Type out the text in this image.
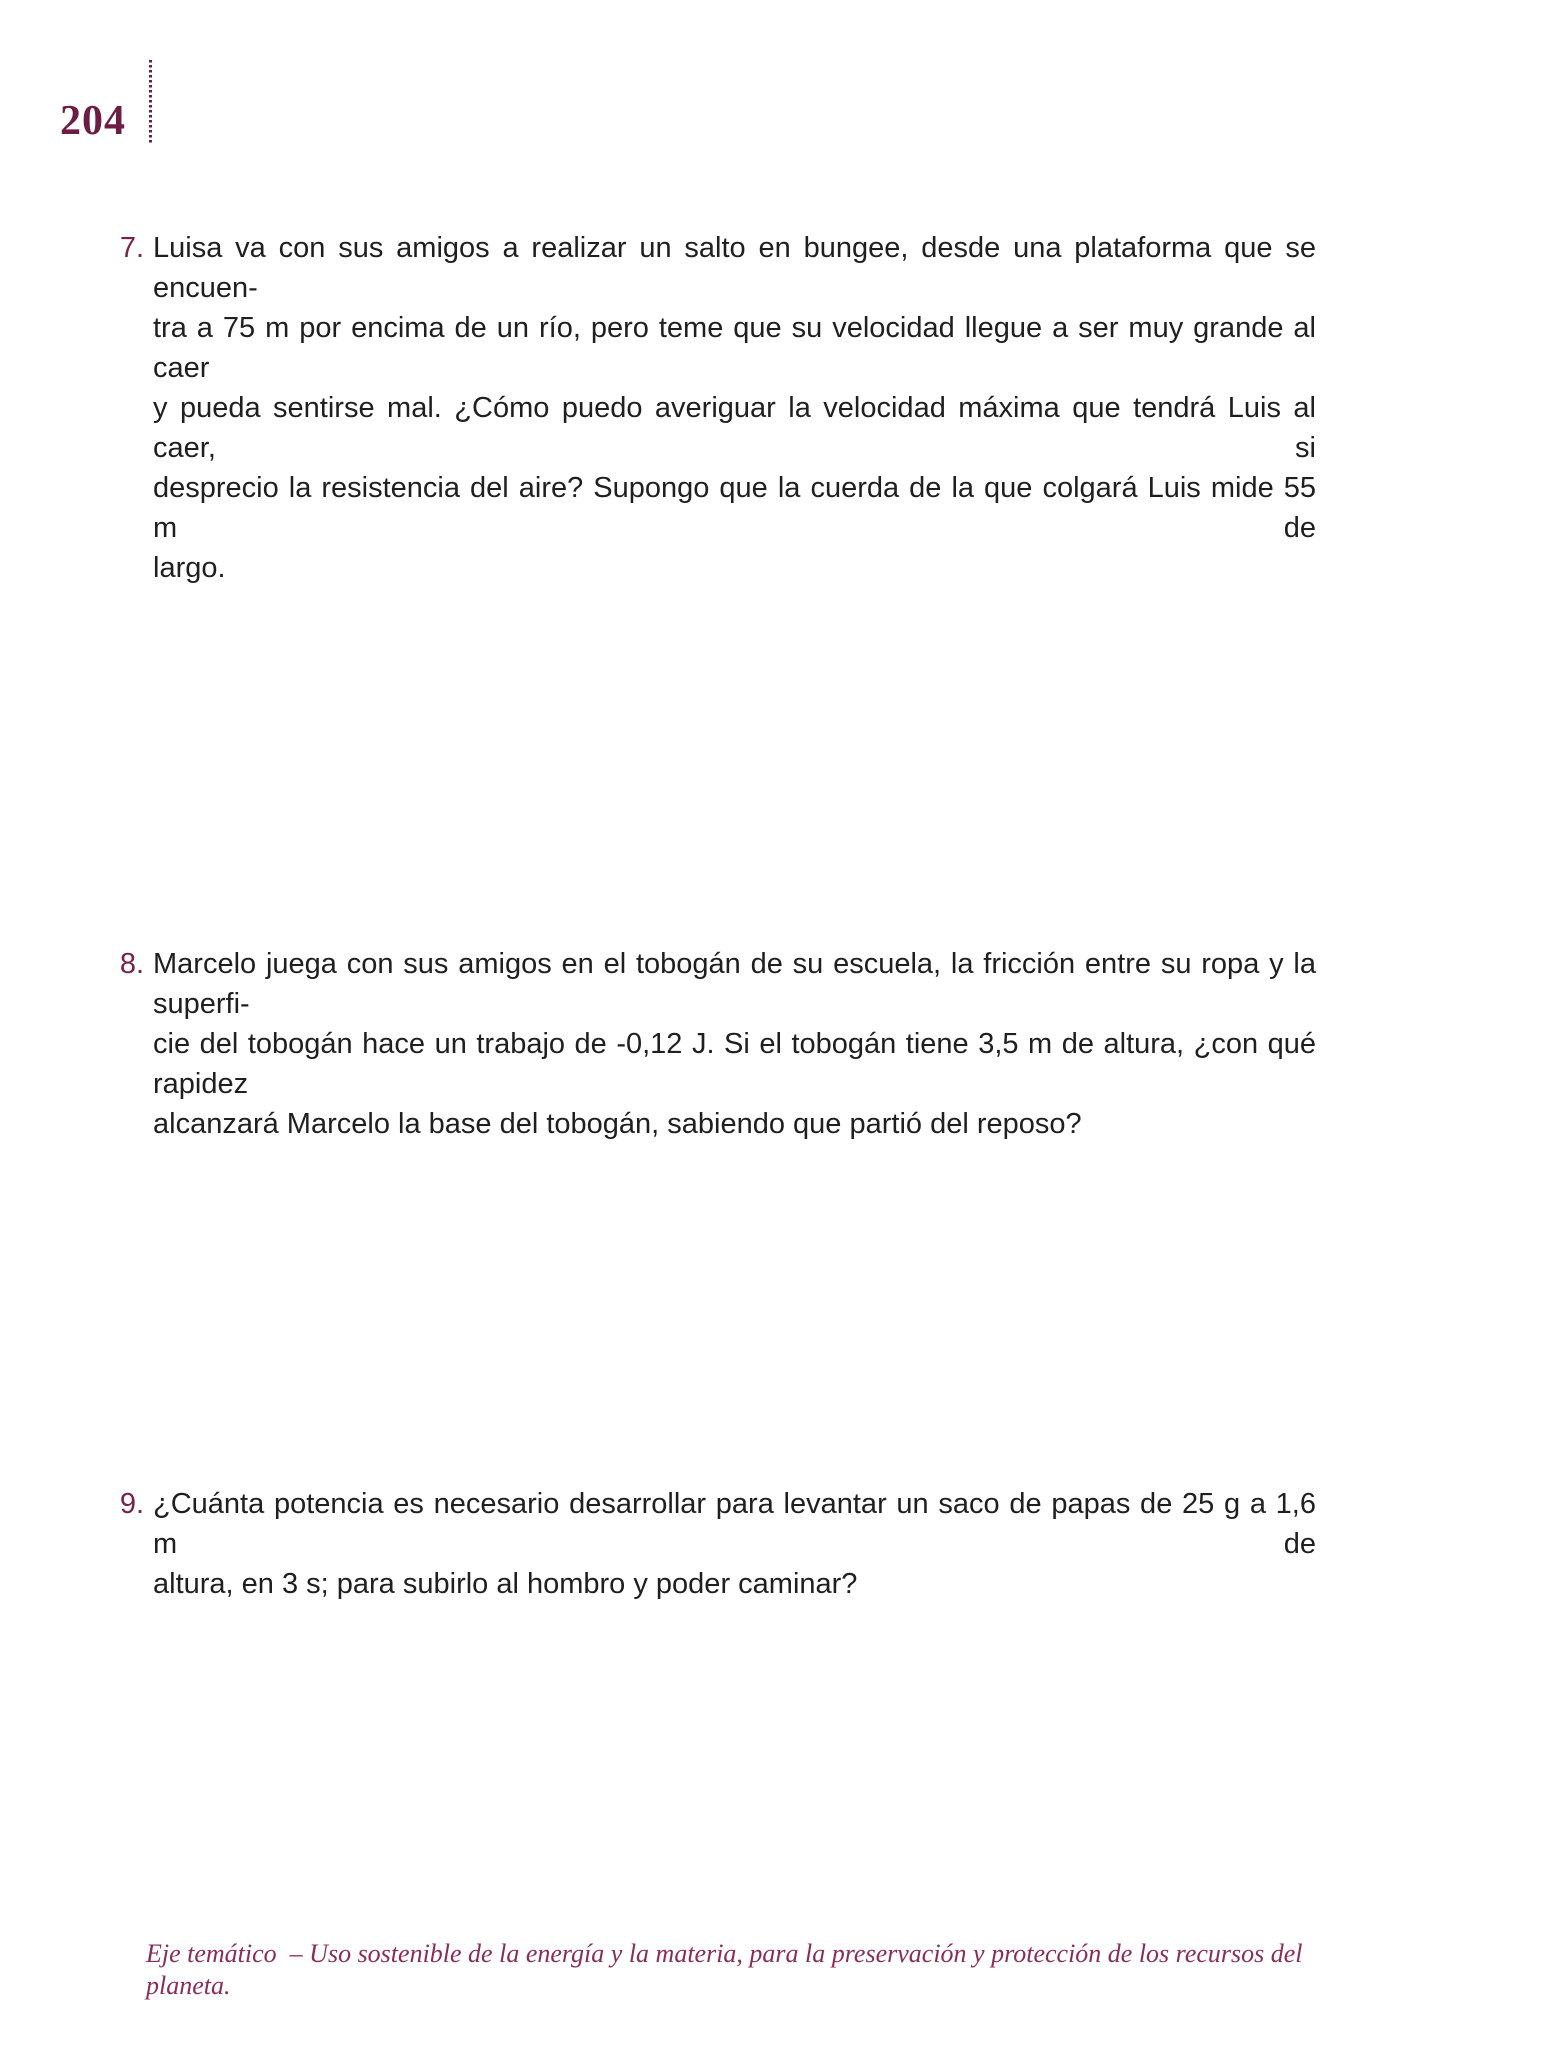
204
7. Luisa va con sus amigos a realizar un salto en bungee, desde una plataforma que se encuen-
tra a 75 m por encima de un río, pero teme que su velocidad llegue a ser muy grande al caer
y pueda sentirse mal. ¿Cómo puedo averiguar la velocidad máxima que tendrá Luis al caer, si
desprecio la resistencia del aire? Supongo que la cuerda de la que colgará Luis mide 55 m de
largo.
8. Marcelo juega con sus amigos en el tobogán de su escuela, la fricción entre su ropa y la superfi-
cie del tobogán hace un trabajo de -0,12 J. Si el tobogán tiene 3,5 m de altura, ¿con qué rapidez
alcanzará Marcelo la base del tobogán, sabiendo que partió del reposo?
9. ¿Cuánta potencia es necesario desarrollar para levantar un saco de papas de 25 g a 1,6 m de
altura, en 3 s; para subirlo al hombro y poder caminar?
Eje temático  – Uso sostenible de la energía y la materia, para la preservación y protección de los recursos del planeta.
